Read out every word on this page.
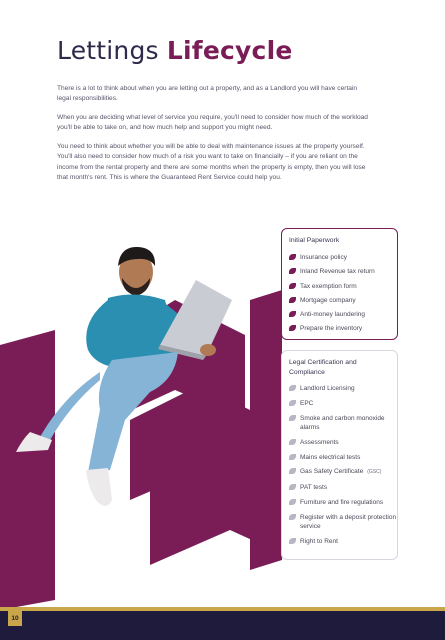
Lettings Lifecycle

There is a lot to think about when you are letting out a property, and as a Landlord you will have certain legal responsibilities.

When you are deciding what level of service you require, you'll need to consider how much of the workload you'll be able to take on, and how much help and support you might need.

You need to think about whether you will be able to deal with maintenance issues at the property yourself. You'll also need to consider how much of a risk you want to take on financially – if you are reliant on the income from the rental property and there are some months when the property is empty, then you will lose that month's rent. This is where the Guaranteed Rent Service could help you.

Initial Paperwork
Insurance policy
Inland Revenue tax return
Tax exemption form
Mortgage company
Anti-money laundering
Prepare the inventory
Legal Certification and Compliance
Landlord Licensing
EPC
Smoke and carbon monoxide alarms
Assessments
Mains electrical tests
Gas Safety Certificate (GSC)
PAT tests
Furniture and fire regulations
Register with a deposit protection service
Right to Rent
10
